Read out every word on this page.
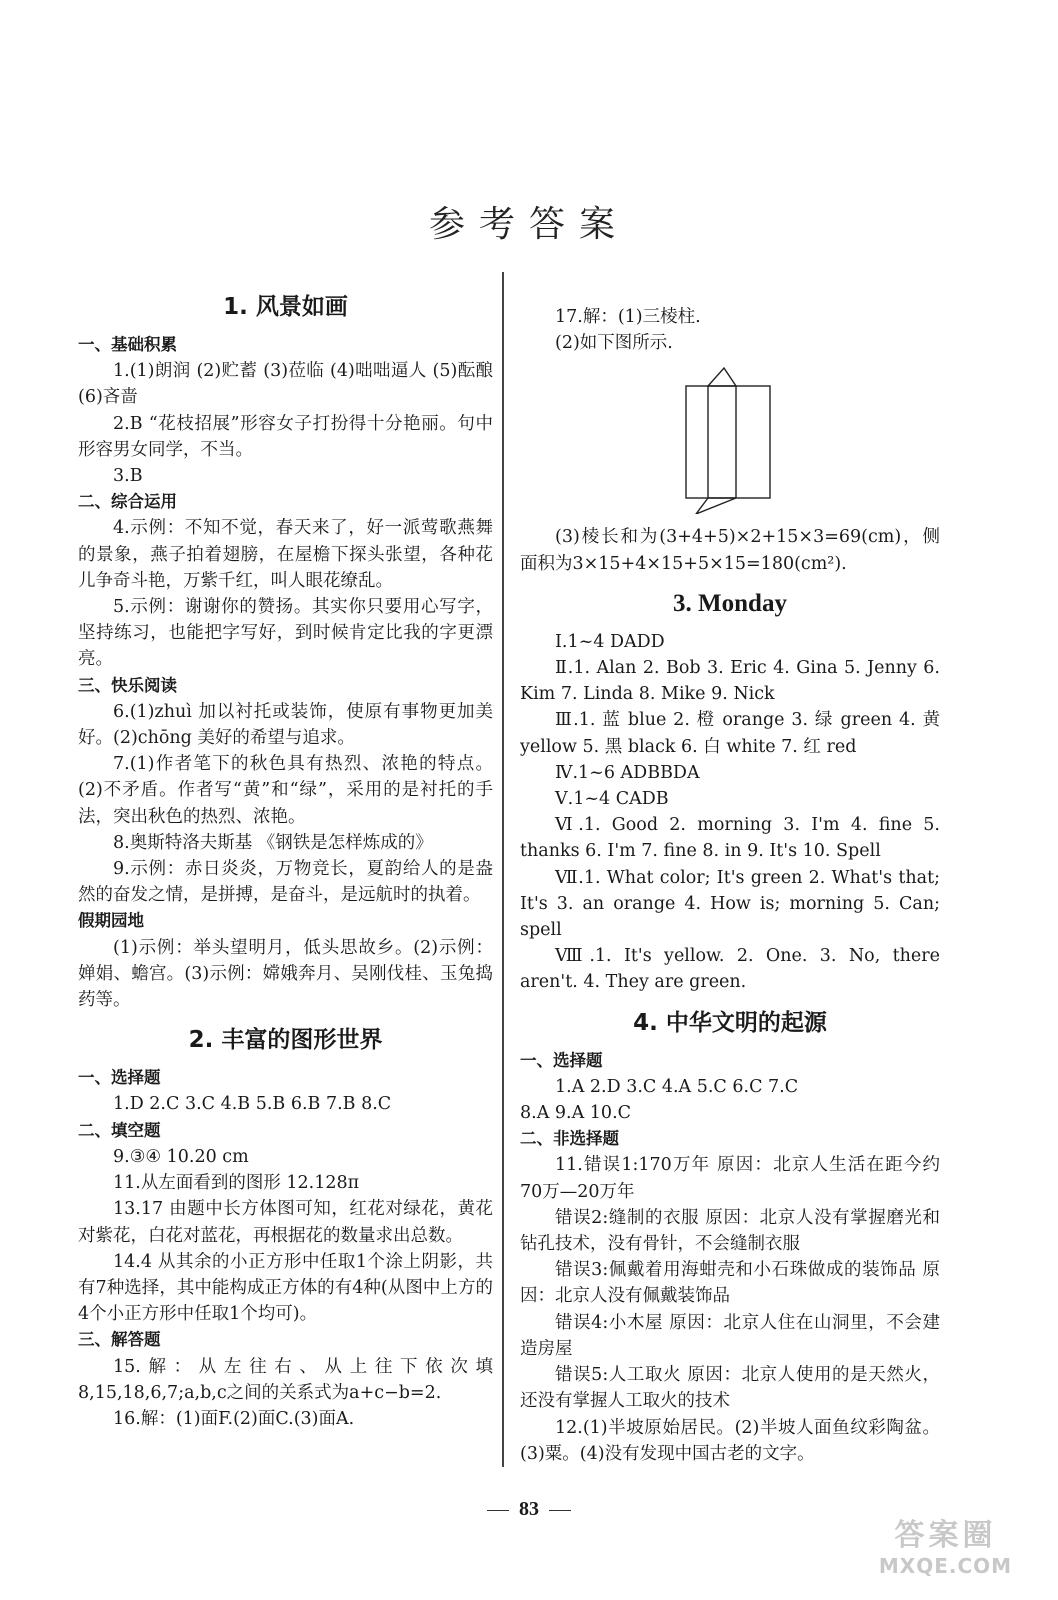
参考答案
1. 风景如画
一、基础积累

1.(1)朗润 (2)贮蓄 (3)莅临 (4)咄咄逼人 (5)酝酿 (6)吝啬

2.B “花枝招展”形容女子打扮得十分艳丽。句中形容男女同学，不当。

3.B

二、综合运用

4.示例：不知不觉，春天来了，好一派莺歌燕舞的景象，燕子拍着翅膀，在屋檐下探头张望，各种花儿争奇斗艳，万紫千红，叫人眼花缭乱。

5.示例：谢谢你的赞扬。其实你只要用心写字，坚持练习，也能把字写好，到时候肯定比我的字更漂亮。

三、快乐阅读

6.(1)zhuì 加以衬托或装饰，使原有事物更加美好。(2)chōng 美好的希望与追求。

7.(1)作者笔下的秋色具有热烈、浓艳的特点。(2)不矛盾。作者写“黄”和“绿”，采用的是衬托的手法，突出秋色的热烈、浓艳。

8.奥斯特洛夫斯基 《钢铁是怎样炼成的》

9.示例：赤日炎炎，万物竞长，夏韵给人的是盎然的奋发之情，是拼搏，是奋斗，是远航时的执着。

假期园地

(1)示例：举头望明月，低头思故乡。(2)示例：婵娟、蟾宫。(3)示例：嫦娥奔月、吴刚伐桂、玉兔捣药等。

2. 丰富的图形世界
一、选择题

1.D 2.C 3.C 4.B 5.B 6.B 7.B 8.C

二、填空题

9.③④ 10.20 cm

11.从左面看到的图形 12.128π

13.17 由题中长方体图可知，红花对绿花，黄花对紫花，白花对蓝花，再根据花的数量求出总数。

14.4 从其余的小正方形中任取1个涂上阴影，共有7种选择，其中能构成正方体的有4种(从图中上方的4个小正方形中任取1个均可)。

三、解答题

15.解：从左往右、从上往下依次填8,15,18,6,7;a,b,c之间的关系式为a+c−b=2.

16.解：(1)面F.(2)面C.(3)面A.

17.解：(1)三棱柱.

(2)如下图所示.

(3)棱长和为(3+4+5)×2+15×3=69(cm)，侧面积为3×15+4×15+5×15=180(cm²).

3. Monday

Ⅰ.1~4 DADD

Ⅱ.1. Alan 2. Bob 3. Eric 4. Gina 5. Jenny 6. Kim 7. Linda 8. Mike 9. Nick

Ⅲ.1. 蓝 blue 2. 橙 orange 3. 绿 green 4. 黄 yellow 5. 黑 black 6. 白 white 7. 红 red

Ⅳ.1~6 ADBBDA

Ⅴ.1~4 CADB

Ⅵ.1. Good 2. morning 3. I'm 4. fine 5. thanks 6. I'm 7. fine 8. in 9. It's 10. Spell

Ⅶ.1. What color; It's green 2. What's that; It's 3. an orange 4. How is; morning 5. Can; spell

Ⅷ.1. It's yellow. 2. One. 3. No, there aren't. 4. They are green.

4. 中华文明的起源
一、选择题

1.A 2.D 3.C 4.A 5.C 6.C 7.C

8.A 9.A 10.C

二、非选择题

11.错误1:170万年 原因：北京人生活在距今约70万—20万年

错误2:缝制的衣服 原因：北京人没有掌握磨光和钻孔技术，没有骨针，不会缝制衣服

错误3:佩戴着用海蚶壳和小石珠做成的装饰品 原因：北京人没有佩戴装饰品

错误4:小木屋 原因：北京人住在山洞里，不会建造房屋

错误5:人工取火 原因：北京人使用的是天然火，还没有掌握人工取火的技术

12.(1)半坡原始居民。(2)半坡人面鱼纹彩陶盆。(3)粟。(4)没有发现中国古老的文字。

83
答案圈
MXQE.COM
